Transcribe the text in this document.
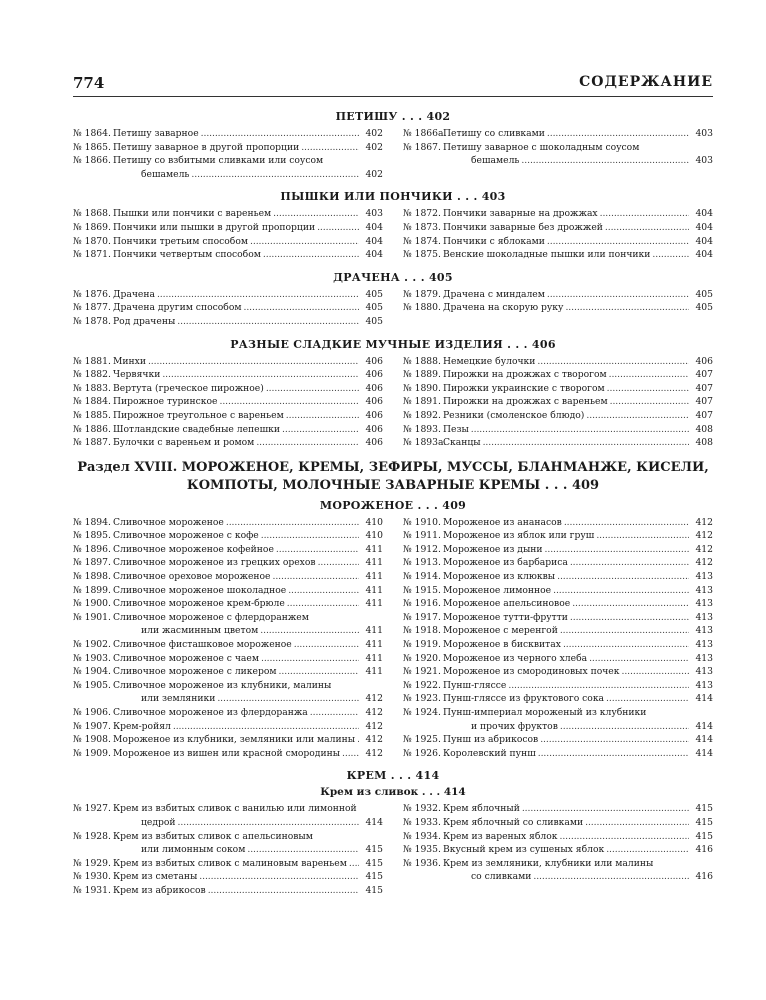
774	СОДЕРЖАНИЕ
ПЕТИШУ . . . 402
№ 1864. Петишу заварное . . .	402
№ 1865. Петишу заварное в другой пропорции . . .	402
№ 1866. Петишу со взбитыми сливками или соусом
бешамель . . .	402
№ 1866а.
Петишу со сливками . . .	403
№ 1867. Петишу заварное с шоколадным соусом
бешамель . . .	403
ПЫШКИ ИЛИ ПОНЧИКИ . . . 403
№ 1868. Пышки или пончики с вареньем . . .	403
№ 1869. Пончики или пышки в другой пропорции . . .	404
№ 1870. Пончики третьим способом . . .	404
№ 1871. Пончики четвертым способом . . .	404
№ 1872. Пончики заварные на дрожжах . . .	404
№ 1873. Пончики заварные без дрожжей . . .	404
№ 1874. Пончики с яблоками . . .	404
№ 1875. Венские шоколадные пышки или пончики . . .	404
ДРАЧЕНА . . . 405
№ 1876. Драчена . . .	405
№ 1877. Драчена другим способом . . .	405
№ 1878. Род драчены . . .	405
№ 1879. Драчена с миндалем . . .	405
№ 1880. Драчена на скорую руку . . .	405
РАЗНЫЕ СЛАДКИЕ МУЧНЫЕ ИЗДЕЛИЯ . . . 406
№ 1881. Минхи . . .	406
№ 1882. Червячки . . .	406
№ 1883. Вертута (греческое пирожное) . . .	406
№ 1884. Пирожное туринское . . .	406
№ 1885. Пирожное треугольное с вареньем . . .	406
№ 1886. Шотландские свадебные лепешки . . .	406
№ 1887. Булочки с вареньем и ромом . . .	406
№ 1888. Немецкие булочки . . .	406
№ 1889. Пирожки на дрожжах с творогом . . .	407
№ 1890. Пирожки украинские с творогом . . .	407
№ 1891. Пирожки на дрожжах с вареньем . . .	407
№ 1892. Резники (смоленское блюдо) . . .	407
№ 1893. Пезы . . .	408
№ 1893а.
Сканцы . . .	408
Раздел XVIII. МОРОЖЕНОЕ, КРЕМЫ, ЗЕФИРЫ, МУССЫ, БЛАНМАНЖЕ, КИСЕЛИ,
КОМПОТЫ, МОЛОЧНЫЕ ЗАВАРНЫЕ КРЕМЫ . . . 409
МОРОЖЕНОЕ . . . 409
№ 1894. Сливочное мороженое . . .	410
№ 1895. Сливочное мороженое с кофе . . .	410
№ 1896. Сливочное мороженое кофейное . . .	411
№ 1897. Сливочное мороженое из грецких орехов . . .	411
№ 1898. Сливочное ореховое мороженое . . .	411
№ 1899. Сливочное мороженое шоколадное . . .	411
№ 1900. Сливочное мороженое крем-брюле . . .	411
№ 1901. Сливочное мороженое с флердоранжем
или жасминным цветом . . .	411
№ 1902. Сливочное фисташковое мороженое . . .	411
№ 1903. Сливочное мороженое с чаем . . .	411
№ 1904. Сливочное мороженое с ликером . . .	411
№ 1905. Сливочное мороженое из клубники, малины
или земляники . . .	412
№ 1906. Сливочное мороженое из флердоранжа . . .	412
№ 1907. Крем-ройял . . .	412
№ 1908. Мороженое из клубники, земляники или малины . . .	412
№ 1909. Мороженое из вишен или красной смородины . . .	412
№ 1910. Мороженое из ананасов . . .	412
№ 1911. Мороженое из яблок или груш . . .	412
№ 1912. Мороженое из дыни . . .	412
№ 1913. Мороженое из барбариса . . .	412
№ 1914. Мороженое из клюквы . . .	413
№ 1915. Мороженое лимонное . . .	413
№ 1916. Мороженое апельсиновое . . .	413
№ 1917. Мороженое тутти-фрутти . . .	413
№ 1918. Мороженое с меренгой . . .	413
№ 1919. Мороженое в бисквитах . . .	413
№ 1920. Мороженое из черного хлеба . . .	413
№ 1921. Мороженое из смородиновых почек . . .	413
№ 1922. Пунш-гляссе . . .	413
№ 1923. Пунш-гляссе из фруктового сока . . .	414
№ 1924. Пунш-империал мороженый из клубники
и прочих фруктов . . .	414
№ 1925. Пунш из абрикосов . . .	414
№ 1926. Королевский пунш . . .	414
КРЕМ . . . 414
Крем из сливок . . . 414
№ 1927. Крем из взбитых сливок с ванилью или лимонной
цедрой . . .	414
№ 1928. Крем из взбитых сливок с апельсиновым
или лимонным соком . . .	415
№ 1929. Крем из взбитых сливок с малиновым вареньем . . .	415
№ 1930. Крем из сметаны . . .	415
№ 1931. Крем из абрикосов . . .	415
№ 1932. Крем яблочный . . .	415
№ 1933. Крем яблочный со сливками . . .	415
№ 1934. Крем из вареных яблок . . .	415
№ 1935. Вкусный крем из сушеных яблок . . .	416
№ 1936. Крем из земляники, клубники или малины
со сливками . . .	416
